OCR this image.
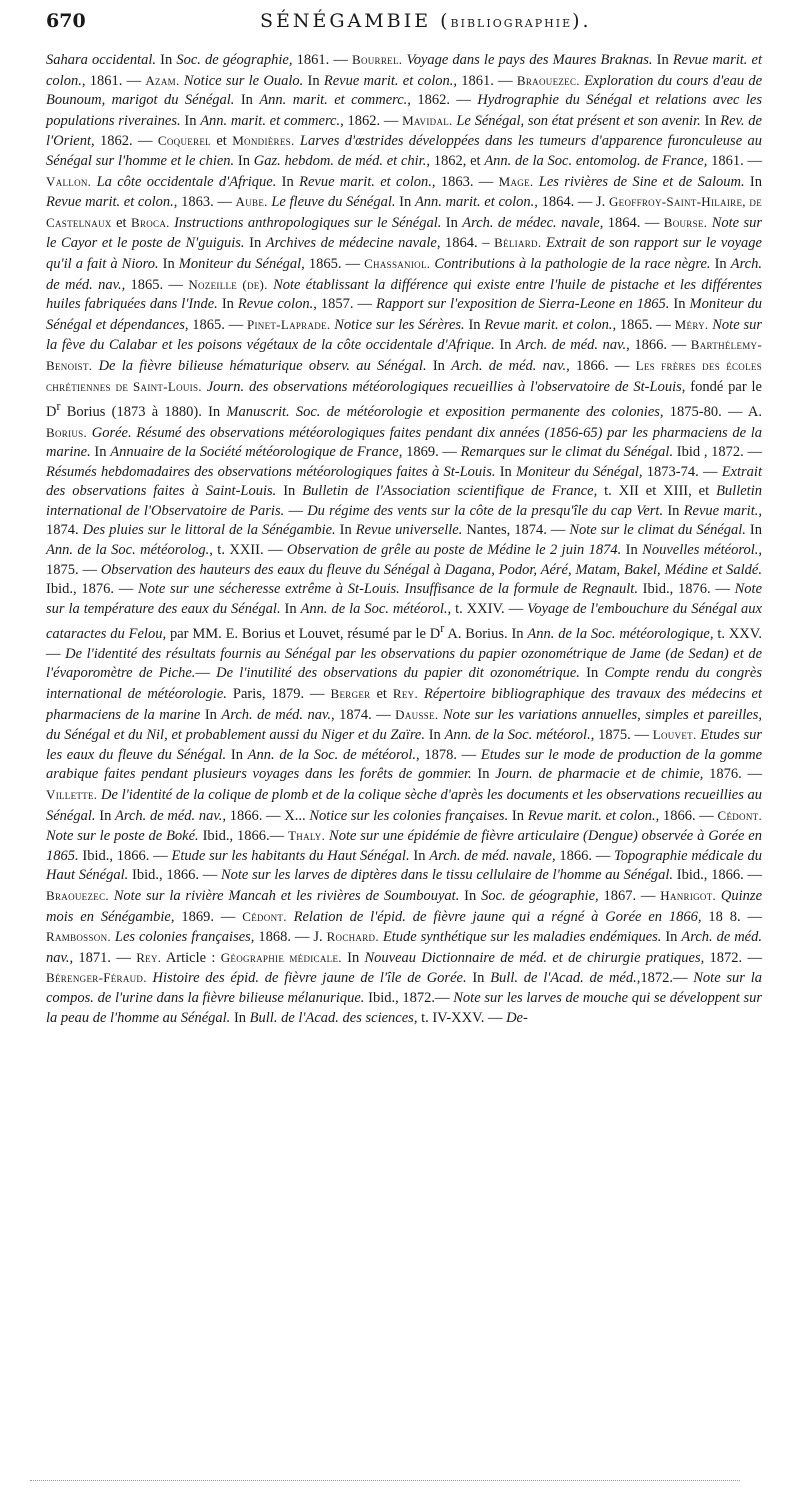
670	SÉNÉGAMBIE (BIBLIOGRAPHIE).
Sahara occidental. In Soc. de géographie, 1861. — Bourrel. Voyage dans le pays des Maures Braknas. In Revue marit. et colon., 1861. — Azam. Notice sur le Oualo. In Revue marit. et colon., 1861. — Braouezec. Exploration du cours d'eau de Bounoum, marigot du Sénégal. In Ann. marit. et commerc., 1862. — Hydrographie du Sénégal et relations avec les populations riveraines. In Ann. marit. et commerc., 1862. — Mavidal. Le Sénégal, son état présent et son avenir. In Rev. de l'Orient, 1862. — Coquerel et Mondières. Larves d'œstrides développées dans les tumeurs d'apparence furonculeuse au Sénégal sur l'homme et le chien. In Gaz. hebdom. de méd. et chir., 1862, et Ann. de la Soc. entomolog. de France, 1861. — Vallon. La côte occidentale d'Afrique. In Revue marit. et colon., 1863. — Mage. Les rivières de Sine et de Saloum. In Revue marit. et colon., 1863. — Aube. Le fleuve du Sénégal. In Ann. marit. et colon., 1864. — J. Geoffroy-Saint-Hilaire, de Castelnaux et Broca. Instructions anthropologiques sur le Sénégal. In Arch. de médec. navale, 1864. — Bourse. Note sur le Cayor et le poste de N'guiguis. In Archives de médecine navale, 1864. – Béliard. Extrait de son rapport sur le voyage qu'il a fait à Nioro. In Moniteur du Sénégal, 1865. — Chassaniol. Contributions à la pathologie de la race nègre. In Arch. de méd. nav., 1865. — Nozeille (de). Note établissant la différence qui existe entre l'huile de pistache et les différentes huiles fabriquées dans l'Inde. In Revue colon., 1857. — Rapport sur l'exposition de Sierra-Leone en 1865. In Moniteur du Sénégal et dépendances, 1865. — Pinet-Laprade. Notice sur les Sérères. In Revue marit. et colon., 1865. — Méry. Note sur la fève du Calabar et les poisons végétaux de la côte occidentale d'Afrique. In Arch. de méd. nav., 1866. — Barthélemy-Benoist. De la fièvre bilieuse hématurique observ. au Sénégal. In Arch. de méd. nav., 1866. — Les frères des écoles chrétiennes de Saint-Louis. Journ. des observations météorologiques recueillies à l'observatoire de St-Louis, fondé par le $D^r$ Borius (1873 à 1880). In Manuscrit. Soc. de météorologie et exposition permanente des colonies, 1875-80. — A. Borius. Gorée. Résumé des observations météorologiques faites pendant dix années (1856-65) par les pharmaciens de la marine. In Annuaire de la Société météorologique de France, 1869. — Remarques sur le climat du Sénégal. Ibid , 1872. — Résumés hebdomadaires des observations météorologiques faites à St-Louis. In Moniteur du Sénégal, 1873-74. — Extrait des observations faites à Saint-Louis. In Bulletin de l'Association scientifique de France, t. XII et XIII, et Bulletin international de l'Observatoire de Paris. — Du régime des vents sur la côte de la presqu'île du cap Vert. In Revue marit., 1874. Des pluies sur le littoral de la Sénégambie. In Revue universelle. Nantes, 1874. — Note sur le climat du Sénégal. In Ann. de la Soc. météorolog., t. XXII. — Observation de grêle au poste de Médine le 2 juin 1874. In Nouvelles météorol., 1875. — Observation des hauteurs des eaux du fleuve du Sénégal à Dagana, Podor, Aéré, Matam, Bakel, Médine et Saldé. Ibid., 1876. — Note sur une sécheresse extrême à St-Louis. Insuffisance de la formule de Regnault. Ibid., 1876. — Note sur la température des eaux du Sénégal. In Ann. de la Soc. météorol., t. XXIV. — Voyage de l'embouchure du Sénégal aux cataractes du Felou, par MM. E. Borius et Louvet, résumé par le $D^r$ A. Borius. In Ann. de la Soc. météorologique, t. XXV.— De l'identité des résultats fournis au Sénégal par les observations du papier ozonométrique de Jame (de Sedan) et de l'évaporomètre de Piche.— De l'inutilité des observations du papier dit ozonométrique. In Compte rendu du congrès international de météorologie. Paris, 1879. — Berger et Rey. Répertoire bibliographique des travaux des médecins et pharmaciens de la marine In Arch. de méd. nav., 1874. — Dausse. Note sur les variations annuelles, simples et pareilles, du Sénégal et du Nil, et probablement aussi du Niger et du Zaïre. In Ann. de la Soc. météorol., 1875. — Louvet. Etudes sur les eaux du fleuve du Sénégal. In Ann. de la Soc. de météorol., 1878. — Etudes sur le mode de production de la gomme arabique faites pendant plusieurs voyages dans les forêts de gommier. In Journ. de pharmacie et de chimie, 1876. — Villette. De l'identité de la colique de plomb et de la colique sèche d'après les documents et les observations recueillies au Sénégal. In Arch. de méd. nav., 1866. — X... Notice sur les colonies françaises. In Revue marit. et colon., 1866. — Cédont. Note sur le poste de Boké. Ibid., 1866.— Thaly. Note sur une épidémie de fièvre articulaire (Dengue) observée à Gorée en 1865. Ibid., 1866. — Etude sur les habitants du Haut Sénégal. In Arch. de méd. navale, 1866. — Topographie médicale du Haut Sénégal. Ibid., 1866. — Note sur les larves de diptères dans le tissu cellulaire de l'homme au Sénégal. Ibid., 1866. — Braouezec. Note sur la rivière Mancah et les rivières de Soumbouyat. In Soc. de géographie, 1867. — Hanrigot. Quinze mois en Sénégambie, 1869. — Cédont. Relation de l'épid. de fièvre jaune qui a régné à Gorée en 1866, 18 8. — Rambosson. Les colonies françaises, 1868. — J. Rochard. Etude synthétique sur les maladies endémiques. In Arch. de méd. nav., 1871. — Rey. Article : Géographie médicale. In Nouveau Dictionnaire de méd. et de chirurgie pratiques, 1872. — Bérenger-Féraud. Histoire des épid. de fièvre jaune de l'île de Gorée. In Bull. de l'Acad. de méd.,1872.— Note sur la compos. de l'urine dans la fièvre bilieuse mélanurique. Ibid., 1872.— Note sur les larves de mouche qui se développent sur la peau de l'homme au Sénégal. In Bull. de l'Acad. des sciences, t. IV-XXV. — De-
